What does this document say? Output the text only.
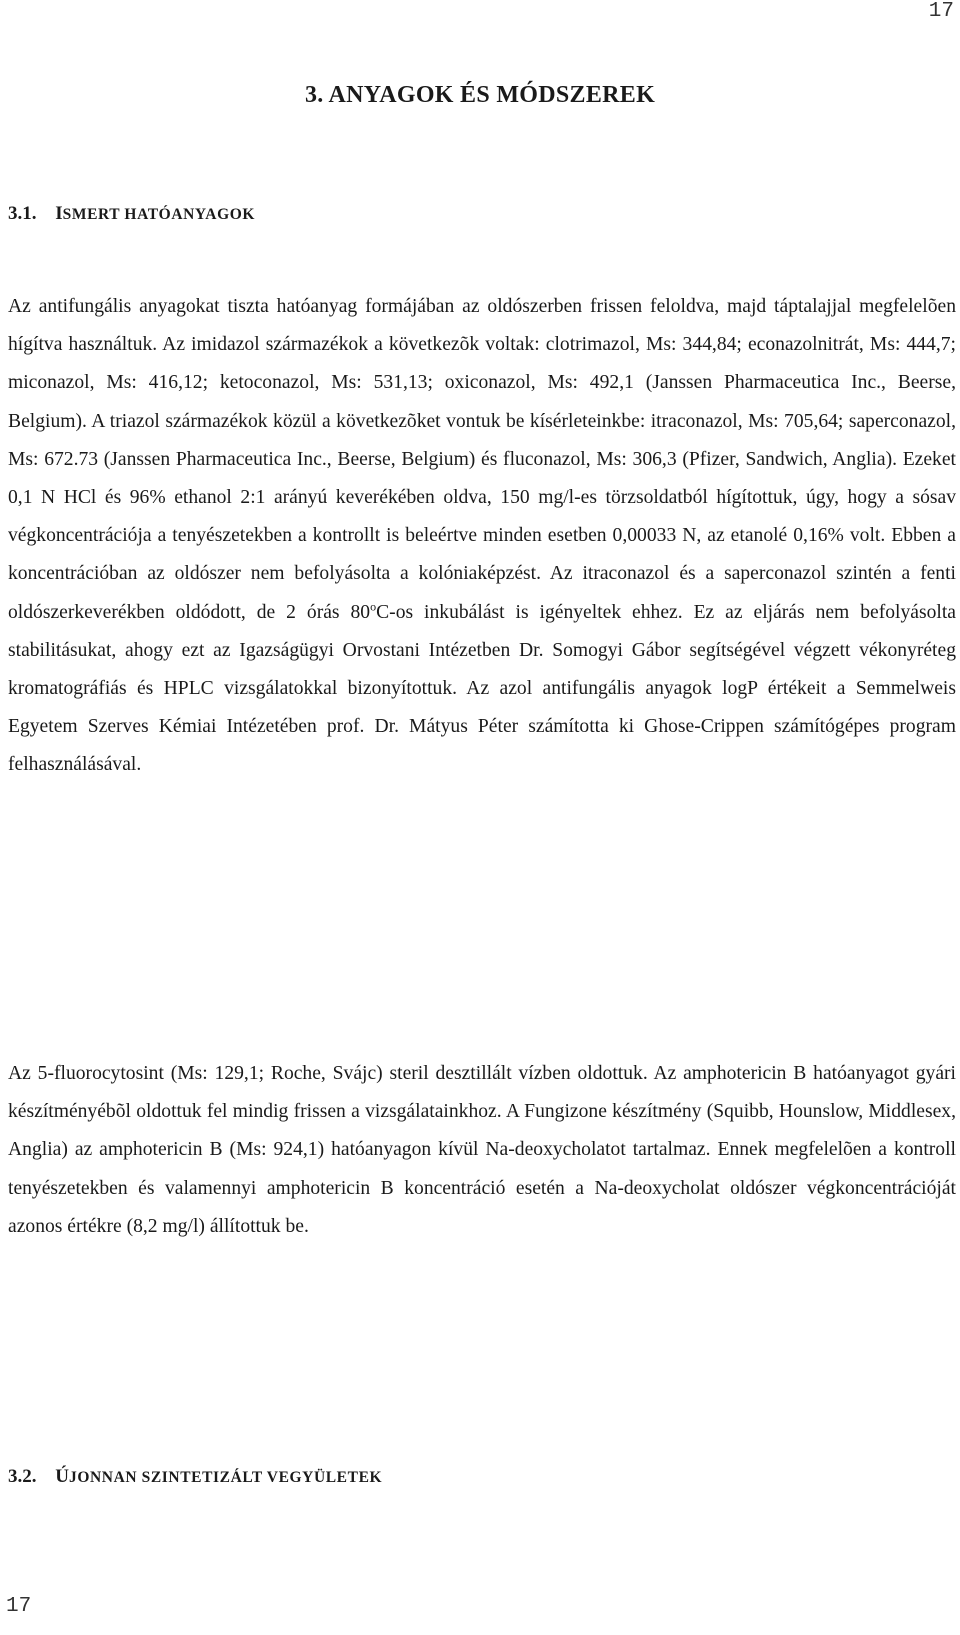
17
3. ANYAGOK ÉS MÓDSZEREK
3.1. ISMERT HATÓANYAGOK
Az antifungális anyagokat tiszta hatóanyag formájában az oldószerben frissen feloldva, majd táptalajjal megfelelõen hígítva használtuk. Az imidazol származékok a következõk voltak: clotrimazol, Ms: 344,84; econazolnitrát, Ms: 444,7; miconazol, Ms: 416,12; ketoconazol, Ms: 531,13; oxiconazol, Ms: 492,1 (Janssen Pharmaceutica Inc., Beerse, Belgium). A triazol származékok közül a következõket vontuk be kísérleteinkbe: itraconazol, Ms: 705,64; saperconazol, Ms: 672.73 (Janssen Pharmaceutica Inc., Beerse, Belgium) és fluconazol, Ms: 306,3 (Pfizer, Sandwich, Anglia). Ezeket 0,1 N HCl és 96% ethanol 2:1 arányú keverékében oldva, 150 mg/l-es törzsoldatból hígítottuk, úgy, hogy a sósav végkoncentrációja a tenyészetekben a kontrollt is beleértve minden esetben 0,00033 N, az etanolé 0,16% volt. Ebben a koncentrációban az oldószer nem befolyásolta a kolóniaképzést. Az itraconazol és a saperconazol szintén a fenti oldószerkeverékben oldódott, de 2 órás 80$^o$C-os inkubálást is igényeltek ehhez. Ez az eljárás nem befolyásolta stabilitásukat, ahogy ezt az Igazságügyi Orvostani Intézetben Dr. Somogyi Gábor segítségével végzett vékonyréteg kromatográfiás és HPLC vizsgálatokkal bizonyítottuk. Az azol antifungális anyagok logP értékeit a Semmelweis Egyetem Szerves Kémiai Intézetében prof. Dr. Mátyus Péter számította ki Ghose-Crippen számítógépes program felhasználásával.
Az 5-fluorocytosint (Ms: 129,1; Roche, Svájc) steril desztillált vízben oldottuk. Az amphotericin B hatóanyagot gyári készítményébõl oldottuk fel mindig frissen a vizsgálatainkhoz. A Fungizone készítmény (Squibb, Hounslow, Middlesex, Anglia) az amphotericin B (Ms: 924,1) hatóanyagon kívül Na-deoxycholatot tartalmaz. Ennek megfelelõen a kontroll tenyészetekben és valamennyi amphotericin B koncentráció esetén a Na-deoxycholat oldószer végkoncentrációját azonos értékre (8,2 mg/l) állítottuk be.
3.2. ÚJONNAN SZINTETIZÁLT VEGYÜLETEK
17
